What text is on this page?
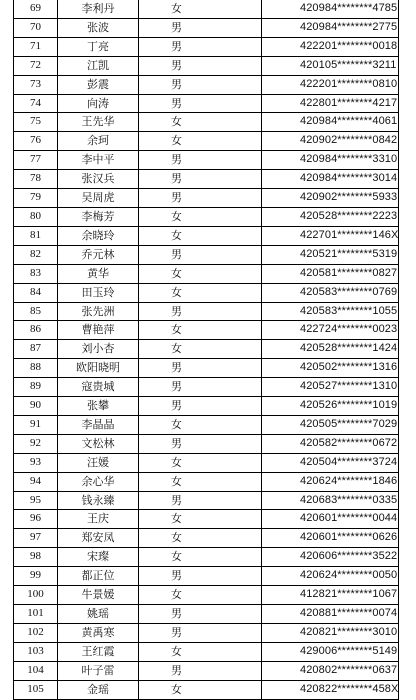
69	李利丹	女	420984********4785
70	张波	男	420984********2775
71	丁亮	男	422201********0018
72	江凯	男	420105********3211
73	彭震	男	422201********0810
74	向涛	男	422801********4217
75	王先华	女	420984********4061
76	余珂	女	420902********0842
77	李中平	男	420984********3310
78	张汉兵	男	420984********3014
79	吴周虎	男	420902********5933
80	李梅芳	女	420528********2223
81	余晓玲	女	422701********146X
82	乔元林	男	420521********5319
83	黄华	女	420581********0827
84	田玉玲	女	420583********0769
85	张先洲	男	420583********1055
86	曹艳萍	女	422724********0023
87	刘小杏	女	420528********1424
88	欧阳晓明	男	420502********1316
89	寇贵城	男	420527********1310
90	张攀	男	420526********1019
91	李晶晶	女	420505********7029
92	文松林	男	420582********0672
93	汪媛	女	420504********3724
94	余心华	女	420624********1846
95	钱永臻	男	420683********0335
96	王庆	女	420601********0044
97	郑安凤	女	420601********0626
98	宋璨	女	420606********3522
99	都正位	男	420624********0050
100	牛景媛	女	412821********1067
101	姚瑶	男	420881********0074
102	黄禹寒	男	420821********3010
103	王红霞	女	429006********5149
104	叶子雷	男	420802********0637
105	金瑶	女	420822********458X
